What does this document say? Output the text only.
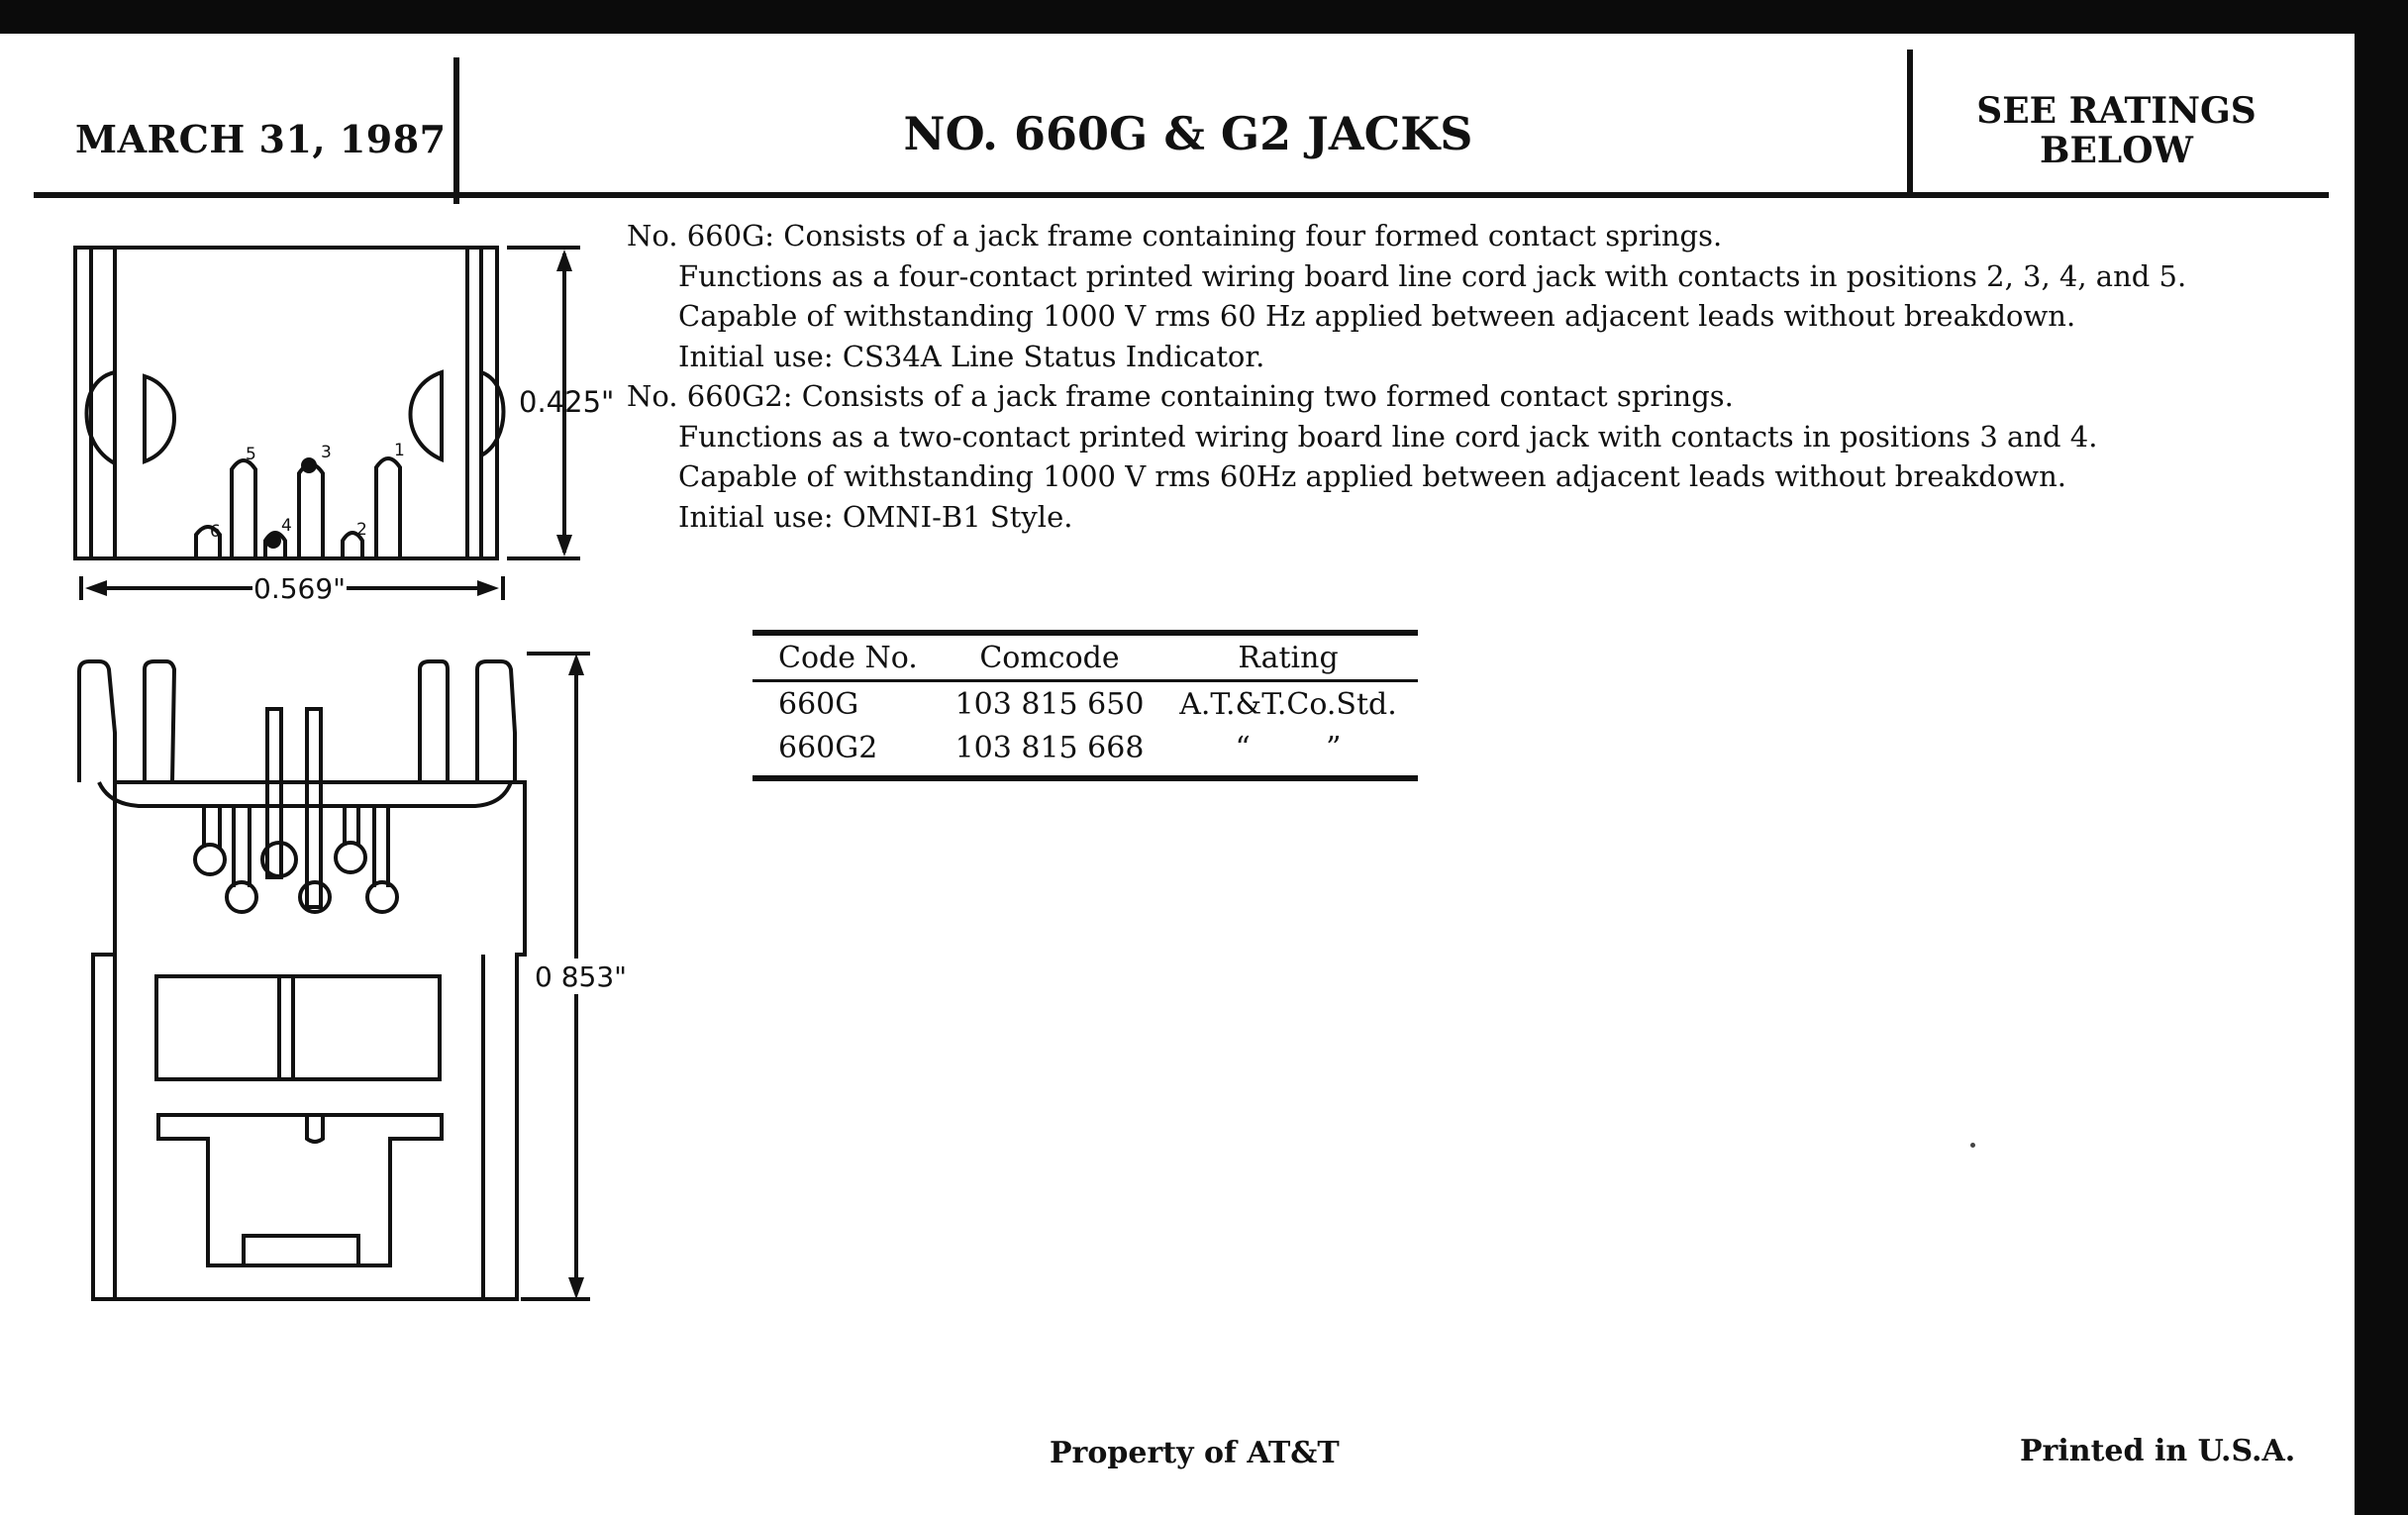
MARCH 31, 1987	NO. 660G & G2 JACKS	SEE RATINGS
BELOW
0.425"
0.569"
0 853"
1
2
3
4
5
6
No. 660G: Consists of a jack frame containing four formed contact springs.
Functions as a four-contact printed wiring board line cord jack with contacts in positions 2, 3, 4, and 5.
Capable of withstanding 1000 V rms 60 Hz applied between adjacent leads without breakdown.
Initial use: CS34A Line Status Indicator.
No. 660G2: Consists of a jack frame containing two formed contact springs.
Functions as a two-contact printed wiring board line cord jack with contacts in positions 3 and 4.
Capable of withstanding 1000 V rms 60Hz applied between adjacent leads without breakdown.
Initial use: OMNI-B1 Style.
Code No.	Comcode	Rating
660G	103 815 650	A.T.&T.Co.Std.
660G2	103 815 668	“        ”
Property of AT&T	Printed in U.S.A.
